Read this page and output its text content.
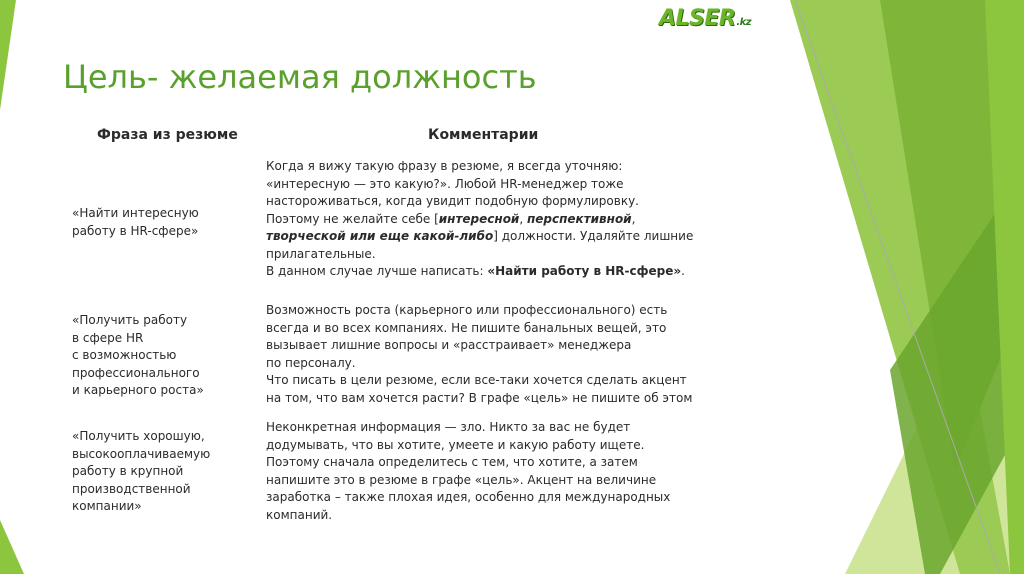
ALSER.kz
Цель- желаемая должность
Фраза из резюме	Комментарии
«Найти интересную
работу в HR-сфере»
Когда я вижу такую фразу в резюме, я всегда уточняю:
«интересную — это какую?». Любой HR-менеджер тоже
настороживаться, когда увидит подобную формулировку.
Поэтому не желайте себе [интересной, перспективной,
творческой или еще какой-либо] должности. Удаляйте лишние
прилагательные.
В данном случае лучше написать: «Найти работу в HR-сфере».
«Получить работу
в сфере HR
с возможностью
профессионального
и карьерного роста»
Возможность роста (карьерного или профессионального) есть
всегда и во всех компаниях. Не пишите банальных вещей, это
вызывает лишние вопросы и «расстраивает» менеджера
по персоналу.
Что писать в цели резюме, если все-таки хочется сделать акцент
на том, что вам хочется расти? В графе «цель» не пишите об этом
«Получить хорошую,
высокооплачиваемую
работу в крупной
производственной
компании»
Неконкретная информация — зло. Никто за вас не будет
додумывать, что вы хотите, умеете и какую работу ищете.
Поэтому сначала определитесь с тем, что хотите, а затем
напишите это в резюме в графе «цель». Акцент на величине
заработка – также плохая идея, особенно для международных
компаний.
